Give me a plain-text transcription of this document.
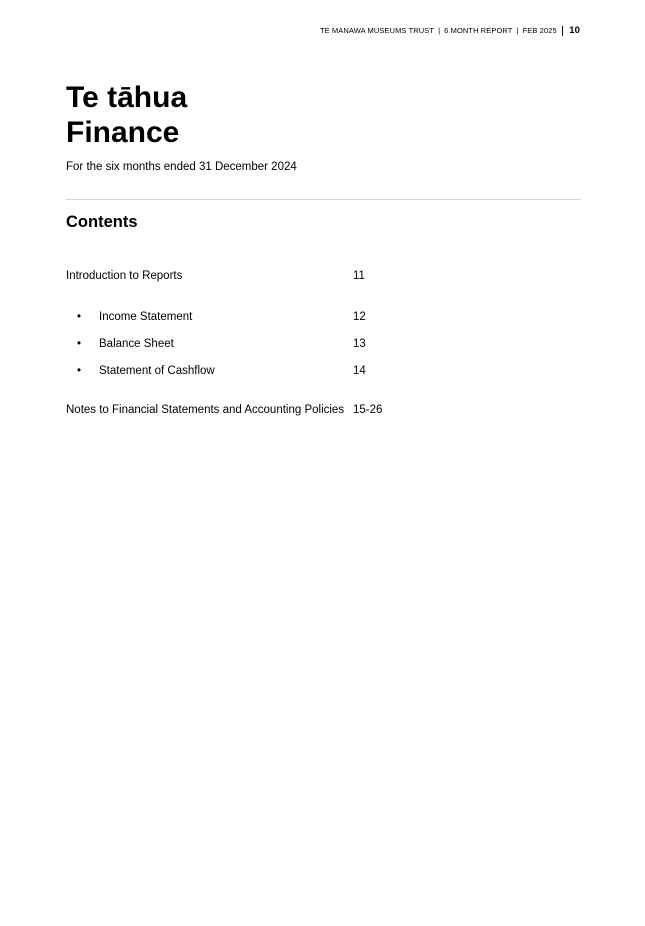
TE MANAWA MUSEUMS TRUST | 6 MONTH REPORT | FEB 2025 10
Te tāhua
Finance

For the six months ended 31 December 2024

Contents
Introduction to Reports	11
• Income Statement	12
• Balance Sheet	13
• Statement of Cashflow	14
Notes to Financial Statements and Accounting Policies 15-26
